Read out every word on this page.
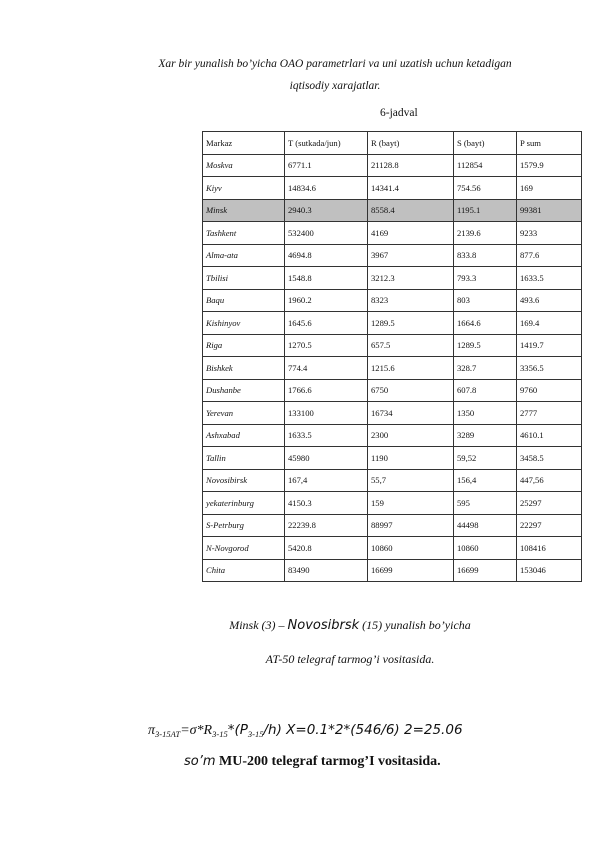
Xar bir yunalish bo’yicha OAO parametrlari va uni uzatish uchun ketadigan
iqtisodiy xarajatlar.
6-jadval
Markaz	T (sutkada/jun)	R (bayt)	S (bayt)	P sum
Moskva	6771.1	21128.8	112854	1579.9
Kiyv	14834.6	14341.4	754.56	169
Minsk	2940.3	8558.4	1195.1	99381
Tashkent	532400	4169	2139.6	9233
Alma-ata	4694.8	3967	833.8	877.6
Tbilisi	1548.8	3212.3	793.3	1633.5
Baqu	1960.2	8323	803	493.6
Kishinyov	1645.6	1289.5	1664.6	169.4
Riga	1270.5	657.5	1289.5	1419.7
Bishkek	774.4	1215.6	328.7	3356.5
Dushanbe	1766.6	6750	607.8	9760
Yerevan	133100	16734	1350	2777
Ashxabad	1633.5	2300	3289	4610.1
Tallin	45980	1190	59,52	3458.5
Novosibirsk	167,4	55,7	156,4	447,56
yekaterinburg	4150.3	159	595	25297
S-Petrburg	22239.8	88997	44498	22297
N-Novgorod	5420.8	10860	10860	108416
Chita	83490	16699	16699	153046
Minsk (3) – Novosibrsk (15) yunalish bo’yicha
AT-50 telegraf tarmog’i vositasida.
$\pi_{3-15AT}=\sigma*R_{3-15}*(P_{3-15}/h)$ X=0.1*2*(546/6) 2=25.06
so’m MU-200 telegraf tarmog’I vositasida.
